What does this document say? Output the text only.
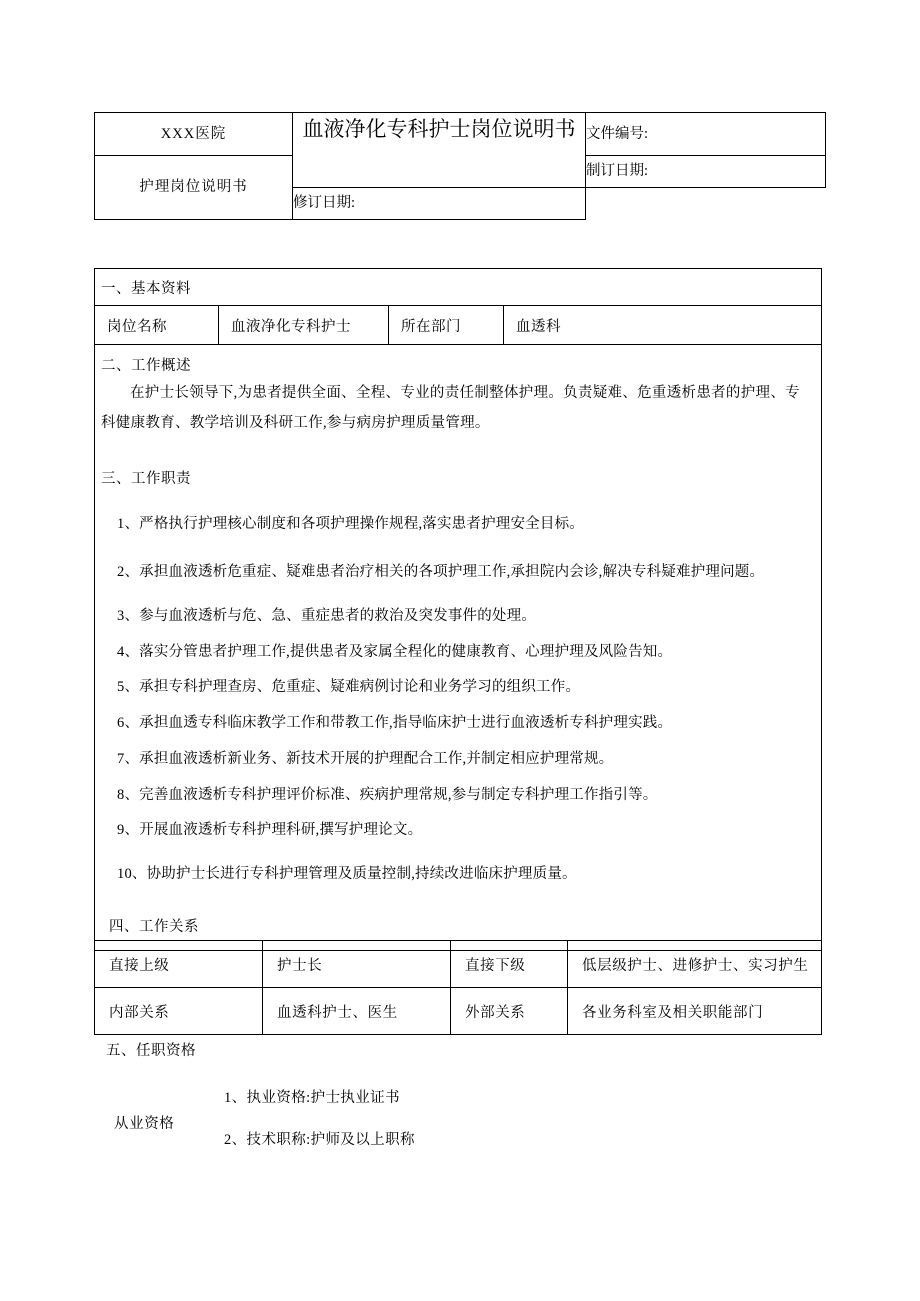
XXX医院	血液净化专科护士岗位说明书	文件编号:
护理岗位说明书		制订日期:
	修订日期:	
一、基本资料
岗位名称	血液净化专科护士	所在部门	血透科
二、工作概述
在护士长领导下,为患者提供全面、全程、专业的责任制整体护理。负责疑难、危重透析患者的护理、专科健康教育、教学培训及科研工作,参与病房护理质量管理。
三、工作职责
1、严格执行护理核心制度和各项护理操作规程,落实患者护理安全目标。
2、承担血液透析危重症、疑难患者治疗相关的各项护理工作,承担院内会诊,解决专科疑难护理问题。
3、参与血液透析与危、急、重症患者的救治及突发事件的处理。
4、落实分管患者护理工作,提供患者及家属全程化的健康教育、心理护理及风险告知。
5、承担专科护理查房、危重症、疑难病例讨论和业务学习的组织工作。
6、承担血透专科临床教学工作和带教工作,指导临床护士进行血液透析专科护理实践。
7、承担血液透析新业务、新技术开展的护理配合工作,并制定相应护理常规。
8、完善血液透析专科护理评价标准、疾病护理常规,参与制定专科护理工作指引等。
9、开展血液透析专科护理科研,撰写护理论文。
10、协助护士长进行专科护理管理及质量控制,持续改进临床护理质量。
四、工作关系
直接上级	护士长	直接下级	低层级护士、进修护士、实习护生
内部关系	血透科护士、医生	外部关系	各业务科室及相关职能部门
五、任职资格
从业资格
1、执业资格:护士执业证书
2、技术职称:护师及以上职称
